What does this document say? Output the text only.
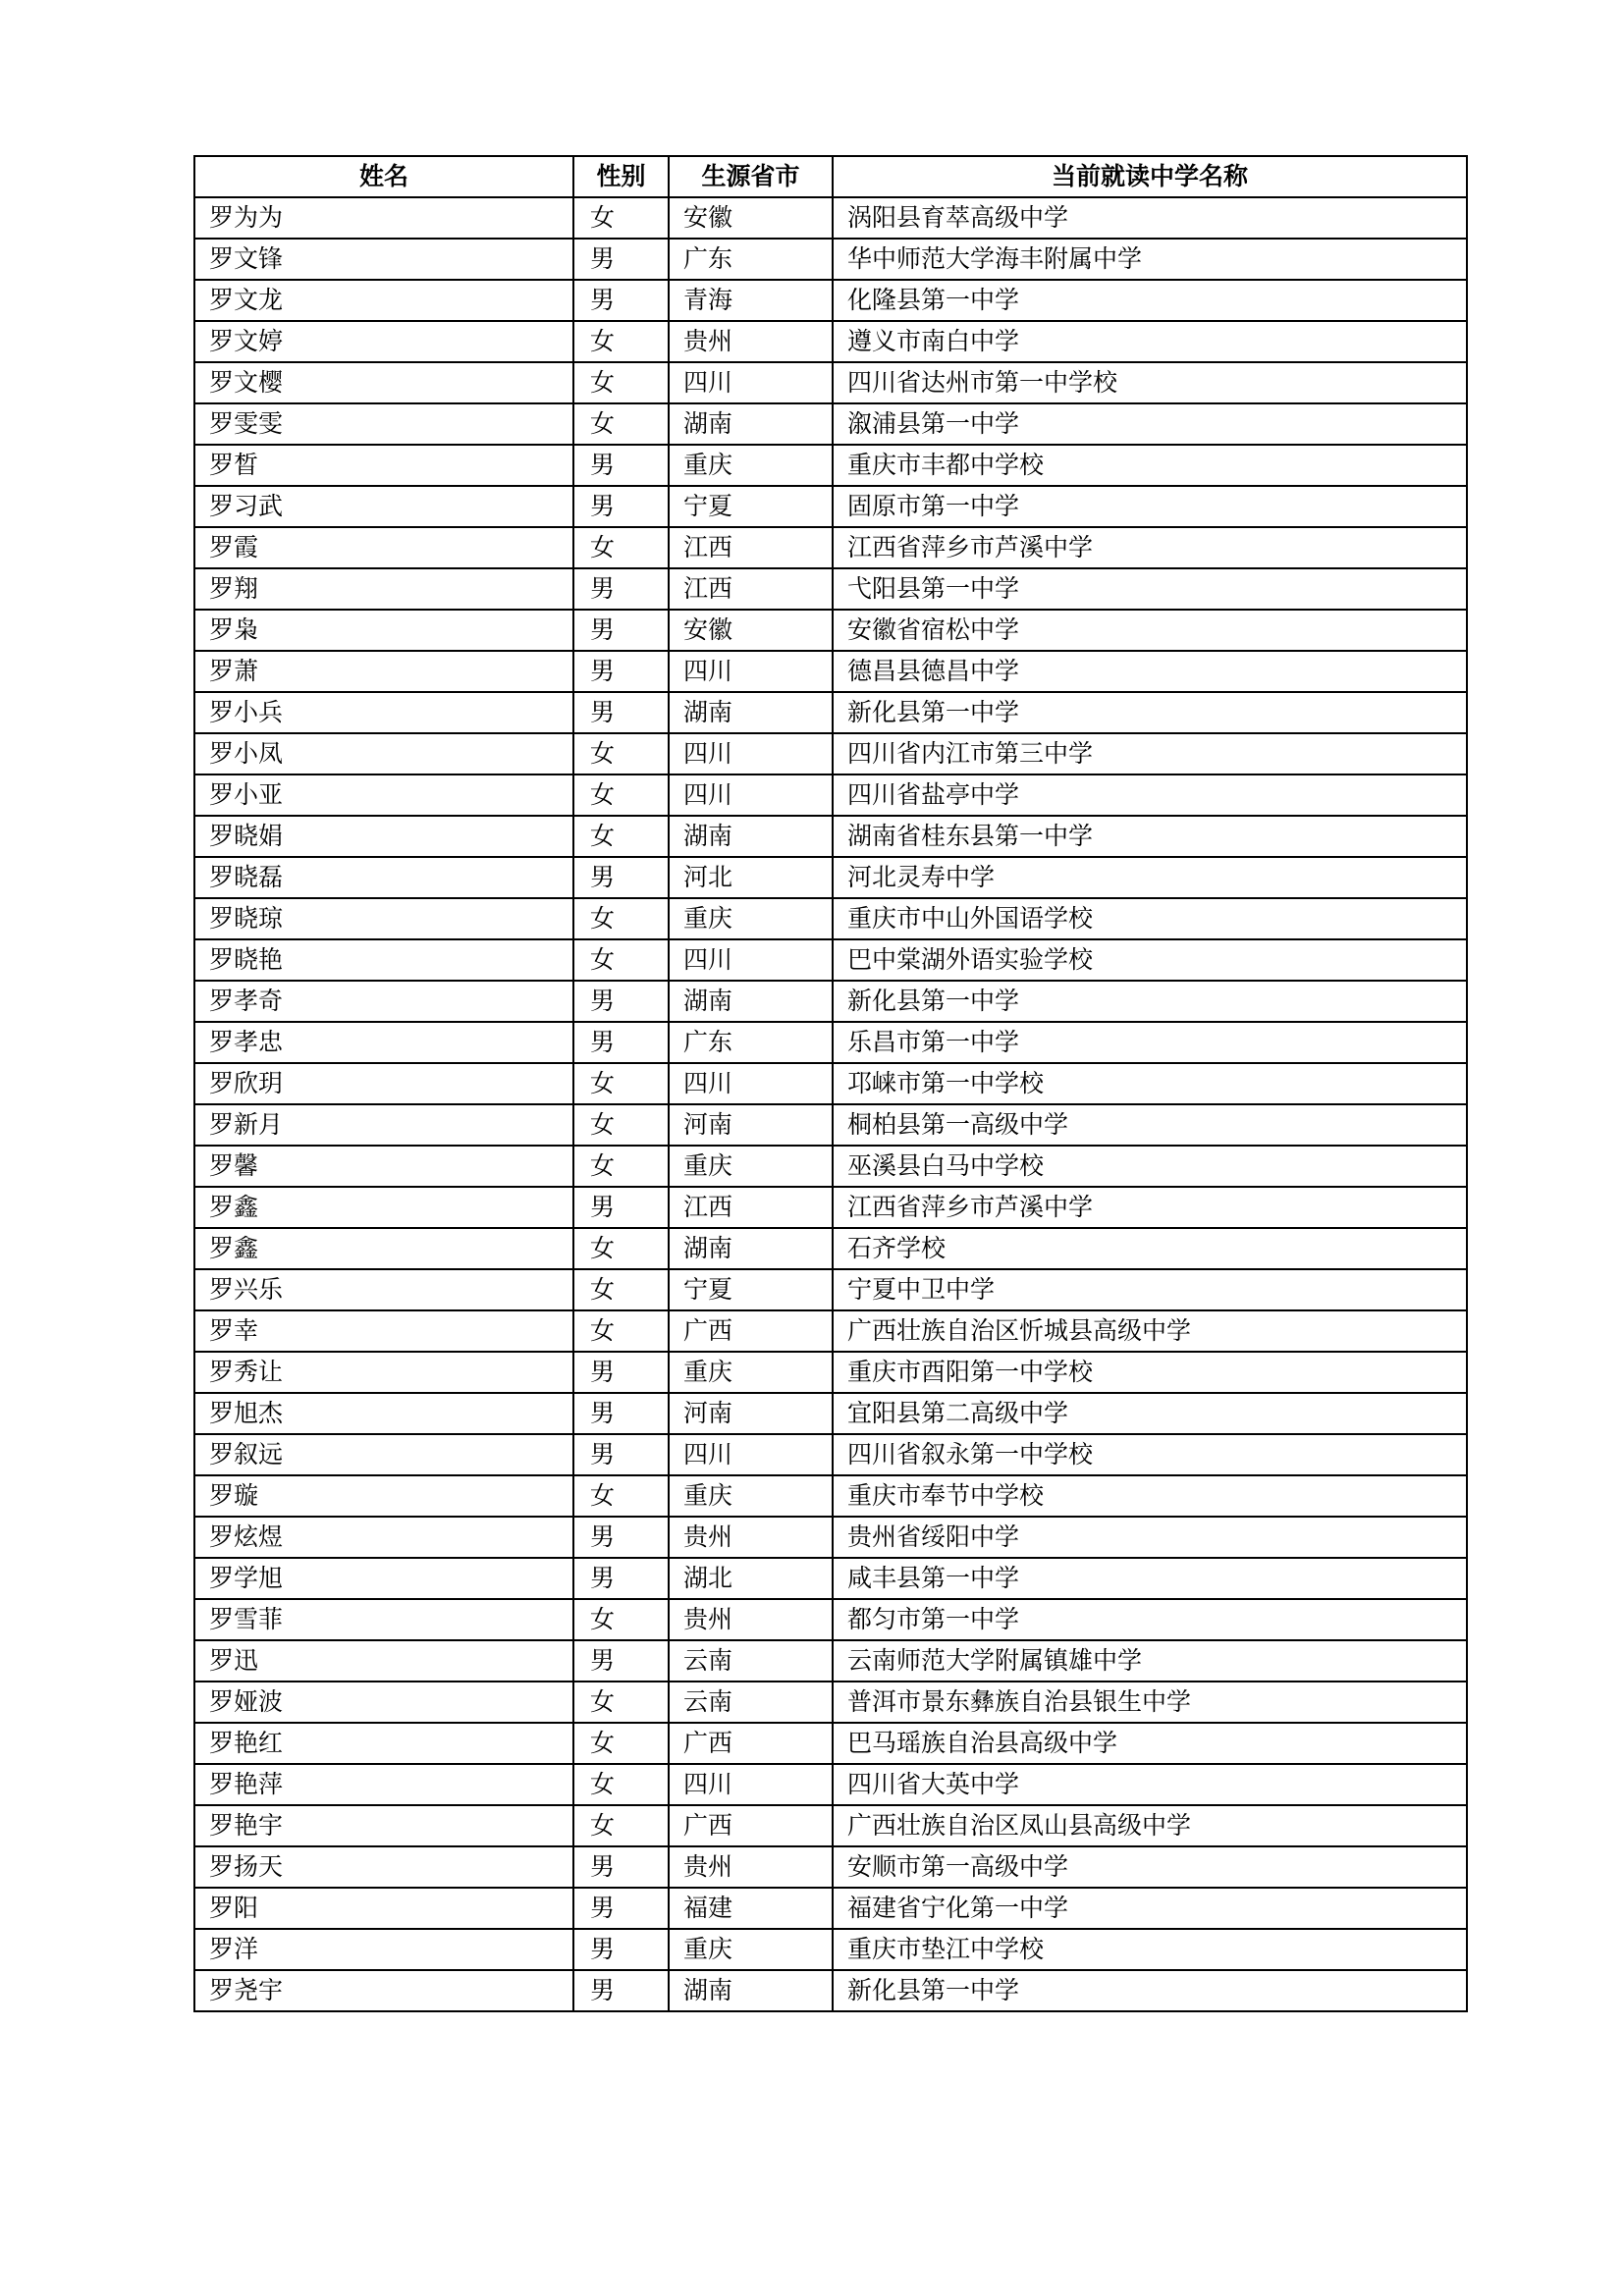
姓名	性别	生源省市	当前就读中学名称
罗为为	女	安徽	涡阳县育萃高级中学
罗文锋	男	广东	华中师范大学海丰附属中学
罗文龙	男	青海	化隆县第一中学
罗文婷	女	贵州	遵义市南白中学
罗文樱	女	四川	四川省达州市第一中学校
罗雯雯	女	湖南	溆浦县第一中学
罗晳	男	重庆	重庆市丰都中学校
罗习武	男	宁夏	固原市第一中学
罗霞	女	江西	江西省萍乡市芦溪中学
罗翔	男	江西	弋阳县第一中学
罗枭	男	安徽	安徽省宿松中学
罗萧	男	四川	德昌县德昌中学
罗小兵	男	湖南	新化县第一中学
罗小凤	女	四川	四川省内江市第三中学
罗小亚	女	四川	四川省盐亭中学
罗晓娟	女	湖南	湖南省桂东县第一中学
罗晓磊	男	河北	河北灵寿中学
罗晓琼	女	重庆	重庆市中山外国语学校
罗晓艳	女	四川	巴中棠湖外语实验学校
罗孝奇	男	湖南	新化县第一中学
罗孝忠	男	广东	乐昌市第一中学
罗欣玥	女	四川	邛崃市第一中学校
罗新月	女	河南	桐柏县第一高级中学
罗馨	女	重庆	巫溪县白马中学校
罗鑫	男	江西	江西省萍乡市芦溪中学
罗鑫	女	湖南	石齐学校
罗兴乐	女	宁夏	宁夏中卫中学
罗幸	女	广西	广西壮族自治区忻城县高级中学
罗秀让	男	重庆	重庆市酉阳第一中学校
罗旭杰	男	河南	宜阳县第二高级中学
罗叙远	男	四川	四川省叙永第一中学校
罗璇	女	重庆	重庆市奉节中学校
罗炫煜	男	贵州	贵州省绥阳中学
罗学旭	男	湖北	咸丰县第一中学
罗雪菲	女	贵州	都匀市第一中学
罗迅	男	云南	云南师范大学附属镇雄中学
罗娅波	女	云南	普洱市景东彝族自治县银生中学
罗艳红	女	广西	巴马瑶族自治县高级中学
罗艳萍	女	四川	四川省大英中学
罗艳宇	女	广西	广西壮族自治区凤山县高级中学
罗扬天	男	贵州	安顺市第一高级中学
罗阳	男	福建	福建省宁化第一中学
罗洋	男	重庆	重庆市垫江中学校
罗尧宇	男	湖南	新化县第一中学
